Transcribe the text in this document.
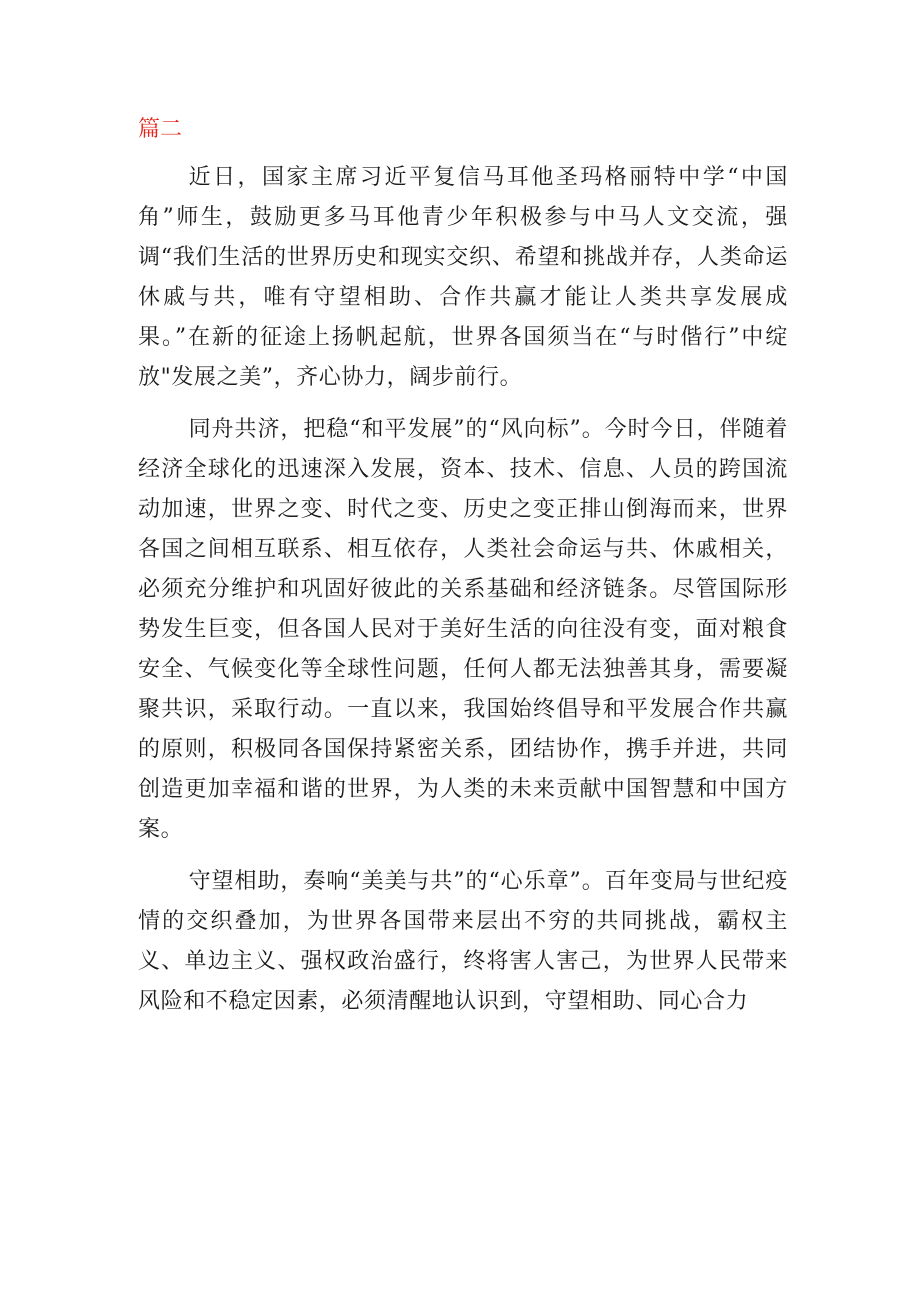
篇二

近日，国家主席习近平复信马耳他圣玛格丽特中学“中国角”师生，鼓励更多马耳他青少年积极参与中马人文交流，强调“我们生活的世界历史和现实交织、希望和挑战并存，人类命运休戚与共，唯有守望相助、合作共赢才能让人类共享发展成果。”在新的征途上扬帆起航，世界各国须当在“与时偕行”中绽放"发展之美”，齐心协力，阔步前行。

同舟共济，把稳“和平发展”的“风向标”。今时今日，伴随着经济全球化的迅速深入发展，资本、技术、信息、人员的跨国流动加速，世界之变、时代之变、历史之变正排山倒海而来，世界各国之间相互联系、相互依存，人类社会命运与共、休戚相关，必须充分维护和巩固好彼此的关系基础和经济链条。尽管国际形势发生巨变，但各国人民对于美好生活的向往没有变，面对粮食安全、气候变化等全球性问题，任何人都无法独善其身，需要凝聚共识，采取行动。一直以来，我国始终倡导和平发展合作共赢的原则，积极同各国保持紧密关系，团结协作，携手并进，共同创造更加幸福和谐的世界，为人类的未来贡献中国智慧和中国方案。

守望相助，奏响“美美与共”的“心乐章”。百年变局与世纪疫情的交织叠加，为世界各国带来层出不穷的共同挑战，霸权主义、单边主义、强权政治盛行，终将害人害己，为世界人民带来风险和不稳定因素，必须清醒地认识到，守望相助、同心合力
